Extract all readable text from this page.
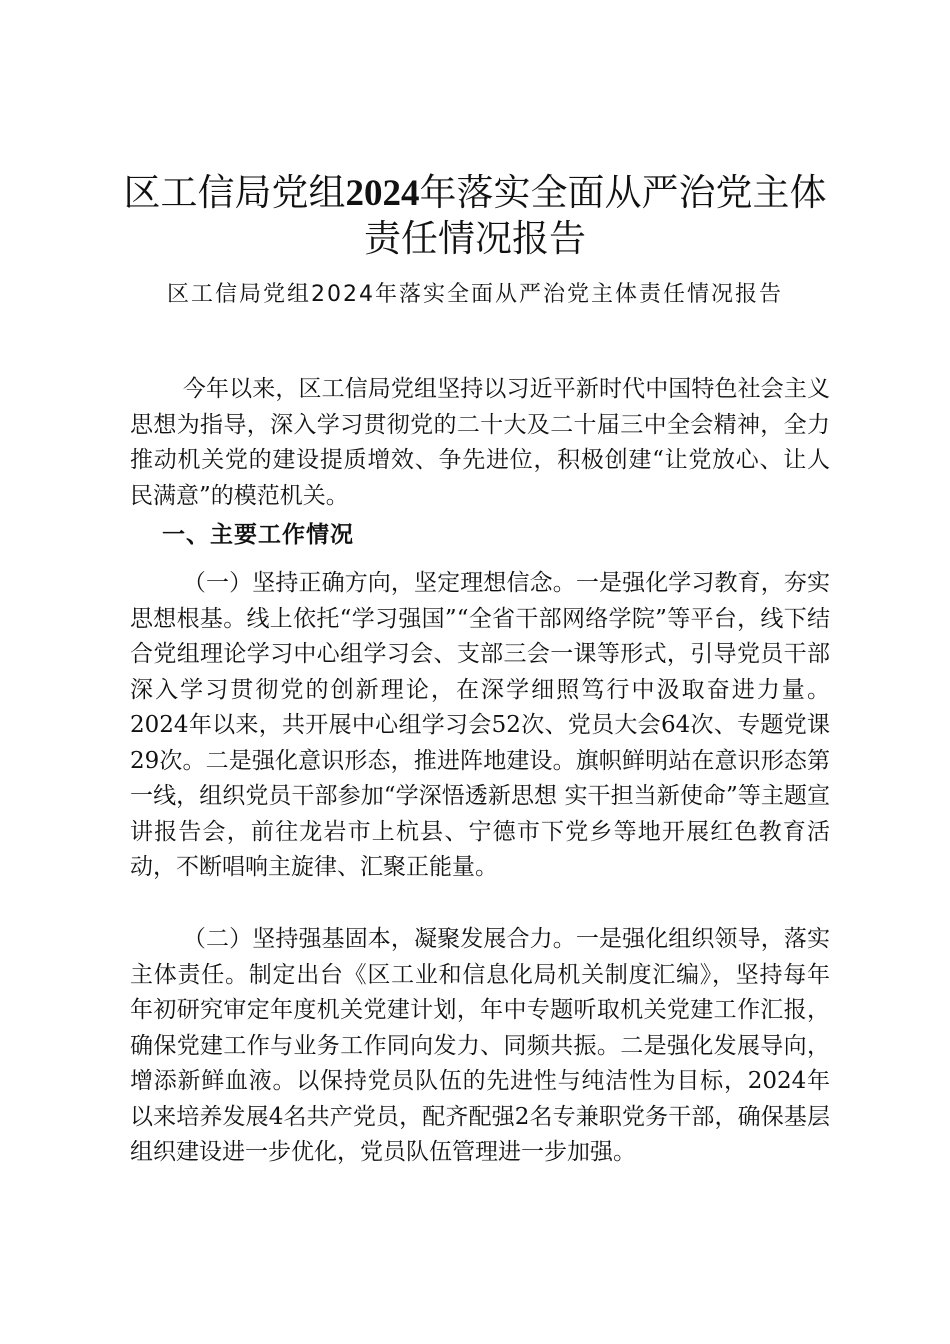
区工信局党组2024年落实全面从严治党主体
责任情况报告

区工信局党组2024年落实全面从严治党主体责任情况报告

今年以来，区工信局党组坚持以习近平新时代中国特色社会主义思想为指导，深入学习贯彻党的二十大及二十届三中全会精神，全力推动机关党的建设提质增效、争先进位，积极创建“让党放心、让人民满意”的模范机关。

一、主要工作情况

（一）坚持正确方向，坚定理想信念。一是强化学习教育，夯实思想根基。线上依托“学习强国”“全省干部网络学院”等平台，线下结合党组理论学习中心组学习会、支部三会一课等形式，引导党员干部深入学习贯彻党的创新理论，在深学细照笃行中汲取奋进力量。2024年以来，共开展中心组学习会52次、党员大会64次、专题党课29次。二是强化意识形态，推进阵地建设。旗帜鲜明站在意识形态第一线，组织党员干部参加“学深悟透新思想 实干担当新使命”等主题宣讲报告会，前往龙岩市上杭县、宁德市下党乡等地开展红色教育活动，不断唱响主旋律、汇聚正能量。

（二）坚持强基固本，凝聚发展合力。一是强化组织领导，落实主体责任。制定出台《区工业和信息化局机关制度汇编》，坚持每年年初研究审定年度机关党建计划，年中专题听取机关党建工作汇报，确保党建工作与业务工作同向发力、同频共振。二是强化发展导向，增添新鲜血液。以保持党员队伍的先进性与纯洁性为目标，2024年以来培养发展4名共产党员，配齐配强2名专兼职党务干部，确保基层组织建设进一步优化，党员队伍管理进一步加强。
